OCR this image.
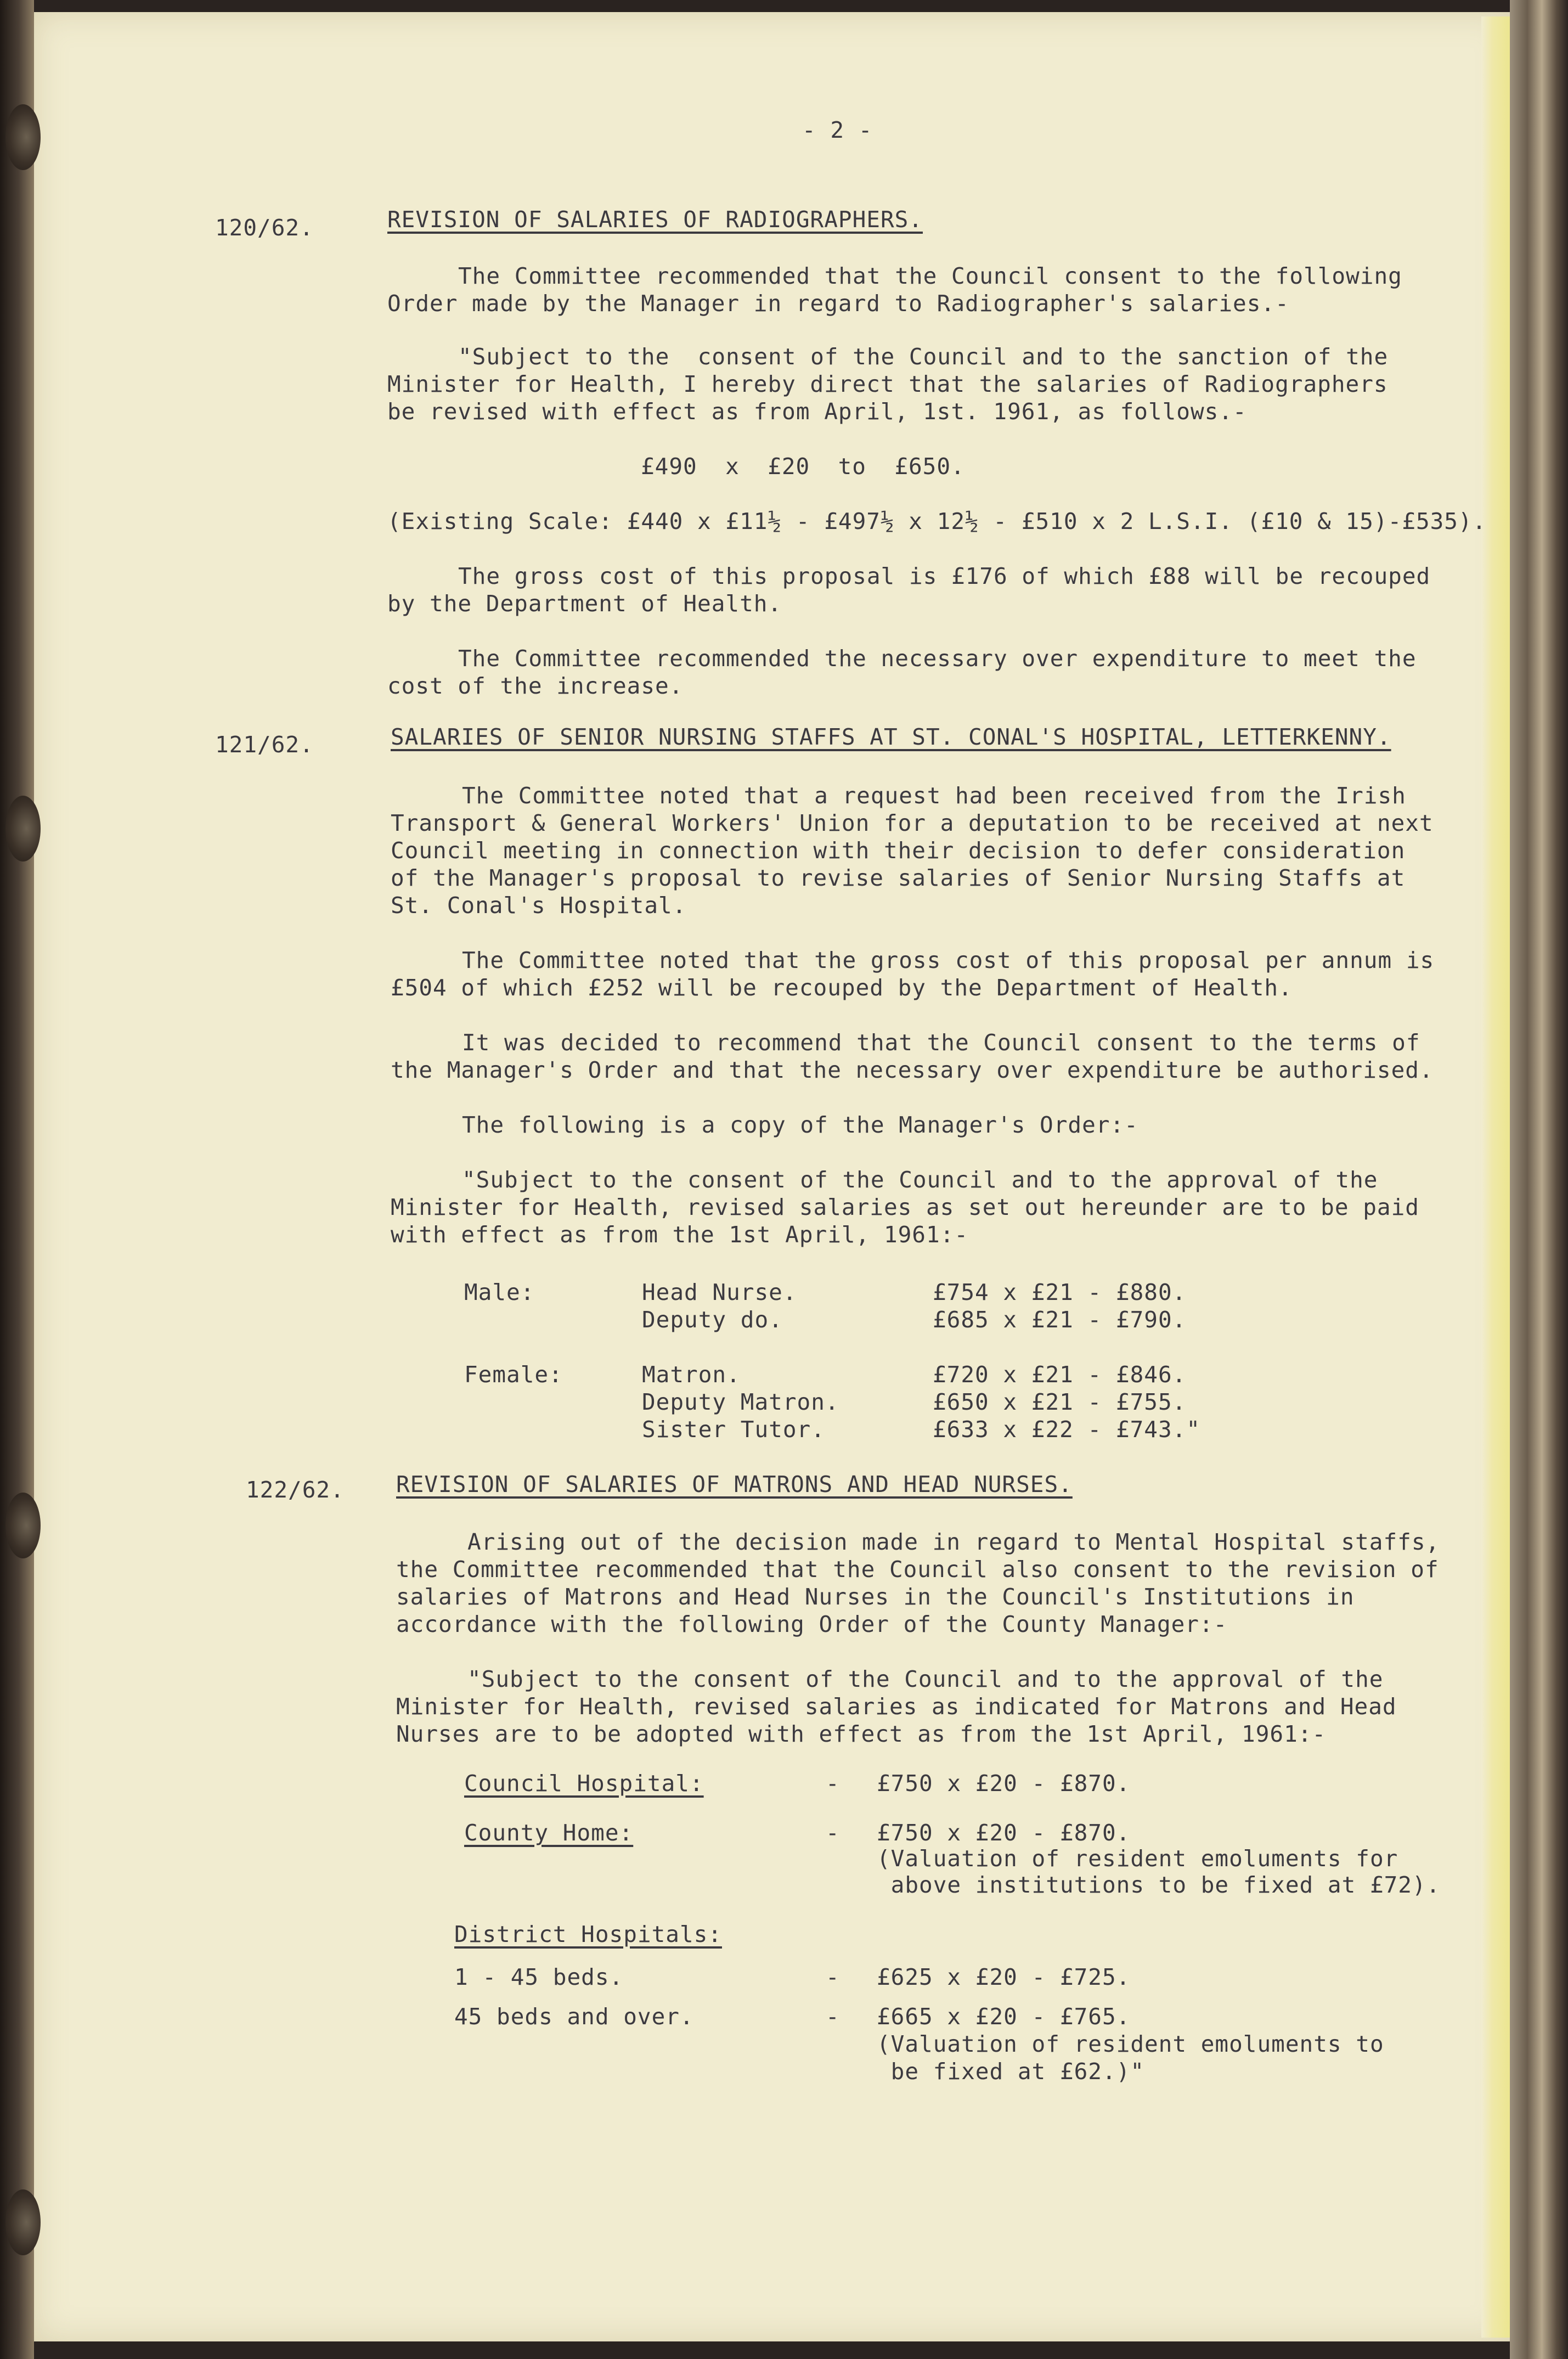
- 2 -
120/62.	REVISION OF SALARIES OF RADIOGRAPHERS.
The Committee recommended that the Council consent to the following
Order made by the Manager in regard to Radiographer's salaries.-
"Subject to the  consent of the Council and to the sanction of the
Minister for Health, I hereby direct that the salaries of Radiographers
be revised with effect as from April, 1st. 1961, as follows.-
£490  x  £20  to  £650.
(Existing Scale: £440 x £11½ - £497½ x 12½ - £510 x 2 L.S.I. (£10 & 15)-£535).
The gross cost of this proposal is £176 of which £88 will be recouped
by the Department of Health.
The Committee recommended the necessary over expenditure to meet the
cost of the increase.
121/62.	SALARIES OF SENIOR NURSING STAFFS AT ST. CONAL'S HOSPITAL, LETTERKENNY.
The Committee noted that a request had been received from the Irish
Transport & General Workers' Union for a deputation to be received at next
Council meeting in connection with their decision to defer consideration
of the Manager's proposal to revise salaries of Senior Nursing Staffs at
St. Conal's Hospital.
The Committee noted that the gross cost of this proposal per annum is
£504 of which £252 will be recouped by the Department of Health.
It was decided to recommend that the Council consent to the terms of
the Manager's Order and that the necessary over expenditure be authorised.
The following is a copy of the Manager's Order:-
"Subject to the consent of the Council and to the approval of the
Minister for Health, revised salaries as set out hereunder are to be paid
with effect as from the 1st April, 1961:-
Male:	Head Nurse.	£754 x £21 - £880.
Deputy do.	£685 x £21 - £790.
Female:	Matron.	£720 x £21 - £846.
Deputy Matron.	£650 x £21 - £755.
Sister Tutor.	£633 x £22 - £743."
122/62. REVISION OF SALARIES OF MATRONS AND HEAD NURSES.
Arising out of the decision made in regard to Mental Hospital staffs,
the Committee recommended that the Council also consent to the revision of
salaries of Matrons and Head Nurses in the Council's Institutions in
accordance with the following Order of the County Manager:-
"Subject to the consent of the Council and to the approval of the
Minister for Health, revised salaries as indicated for Matrons and Head
Nurses are to be adopted with effect as from the 1st April, 1961:-
Council Hospital:	- £750 x £20 - £870.
County Home:	- £750 x £20 - £870.
(Valuation of resident emoluments for
above institutions to be fixed at £72).
District Hospitals:
1 - 45 beds.	- £625 x £20 - £725.
45 beds and over.	- £665 x £20 - £765.
(Valuation of resident emoluments to
be fixed at £62.)"
